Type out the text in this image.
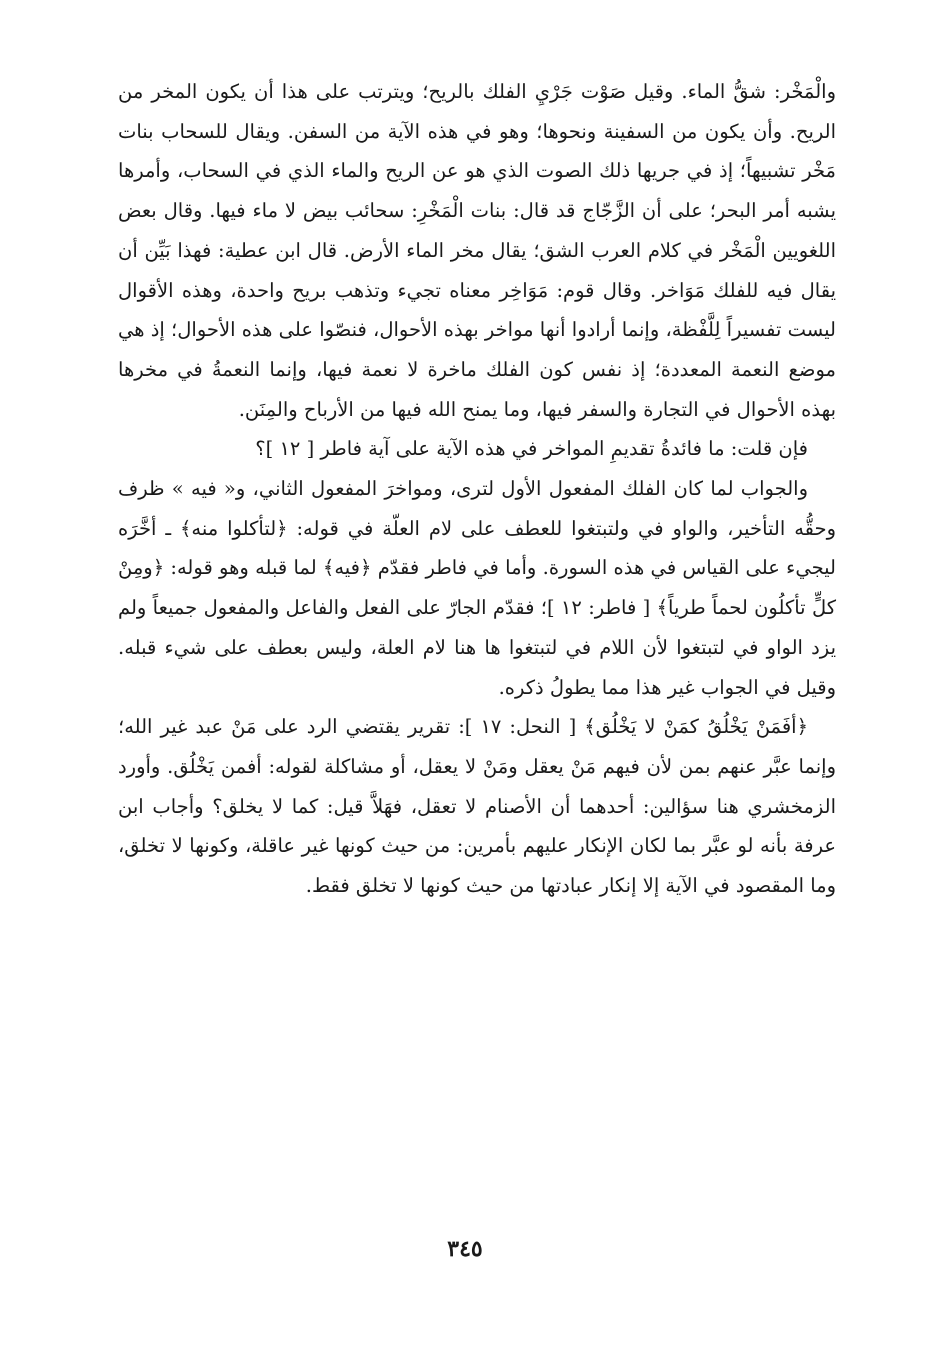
والْمَخْر: شقُّ الماء. وقيل صَوْت جَرْيِ الفلك بالريح؛ ويترتب على هذا أن يكون المخر من الريح. وأن يكون من السفينة ونحوها؛ وهو في هذه الآية من السفن. ويقال للسحاب بنات مَخْر تشبيهاً؛ إذ في جريها ذلك الصوت الذي هو عن الريح والماء الذي في السحاب، وأمرها يشبه أمر البحر؛ على أن الزَّجّاج قد قال: بنات الْمَخْرِ: سحائب بيض لا ماء فيها. وقال بعض اللغويين الْمَخْر في كلام العرب الشق؛ يقال مخر الماء الأرض. قال ابن عطية: فهذا بَيِّن أن يقال فيه للفلك مَوَاخر. وقال قوم: مَوَاخِر معناه تجيء وتذهب بريح واحدة، وهذه الأقوال ليست تفسيراً لِلَّفْظة، وإنما أرادوا أنها مواخر بهذه الأحوال، فنصّوا على هذه الأحوال؛ إذ هي موضع النعمة المعددة؛ إذ نفس كون الفلك ماخرة لا نعمة فيها، وإنما النعمةُ في مخرها بهذه الأحوال في التجارة والسفر فيها، وما يمنح الله فيها من الأرباح والمِنَن.

فإن قلت: ما فائدةُ تقديمِ المواخر في هذه الآية على آية فاطر [ ١٢ ]؟

والجواب لما كان الفلك المفعول الأول لترى، ومواخرَ المفعول الثاني، و« فيه » ظرف وحقُّه التأخير، والواو في ولتبتغوا للعطف على لام العلّة في قوله: ﴿لتأكلوا منه﴾ ـ أخَّرَه ليجيء على القياس في هذه السورة. وأما في فاطر فقدّم ﴿فيه﴾ لما قبله وهو قوله: ﴿ومِنْ كلٍّ تأكلُون لحماً طرياً﴾ [ فاطر: ١٢ ]؛ فقدّم الجارّ على الفعل والفاعل والمفعول جميعاً ولم يزد الواو في لتبتغوا لأن اللام في لتبتغوا ها هنا لام العلة، وليس بعطف على شيء قبله. وقيل في الجواب غير هذا مما يطولُ ذكره.

﴿أفَمَنْ يَخْلُقُ كمَنْ لا يَخْلُق﴾ [ النحل: ١٧ ]: تقرير يقتضي الرد على مَنْ عبد غير الله؛ وإنما عبَّر عنهم بمن لأن فيهم مَنْ يعقل ومَنْ لا يعقل، أو مشاكلة لقوله: أفمن يَخْلُق. وأورد الزمخشري هنا سؤالين: أحدهما أن الأصنام لا تعقل، فهَلاَّ قيل: كما لا يخلق؟ وأجاب ابن عرفة بأنه لو عبَّر بما لكان الإنكار عليهم بأمرين: من حيث كونها غير عاقلة، وكونها لا تخلق، وما المقصود في الآية إلا إنكار عبادتها من حيث كونها لا تخلق فقط.

٣٤٥
